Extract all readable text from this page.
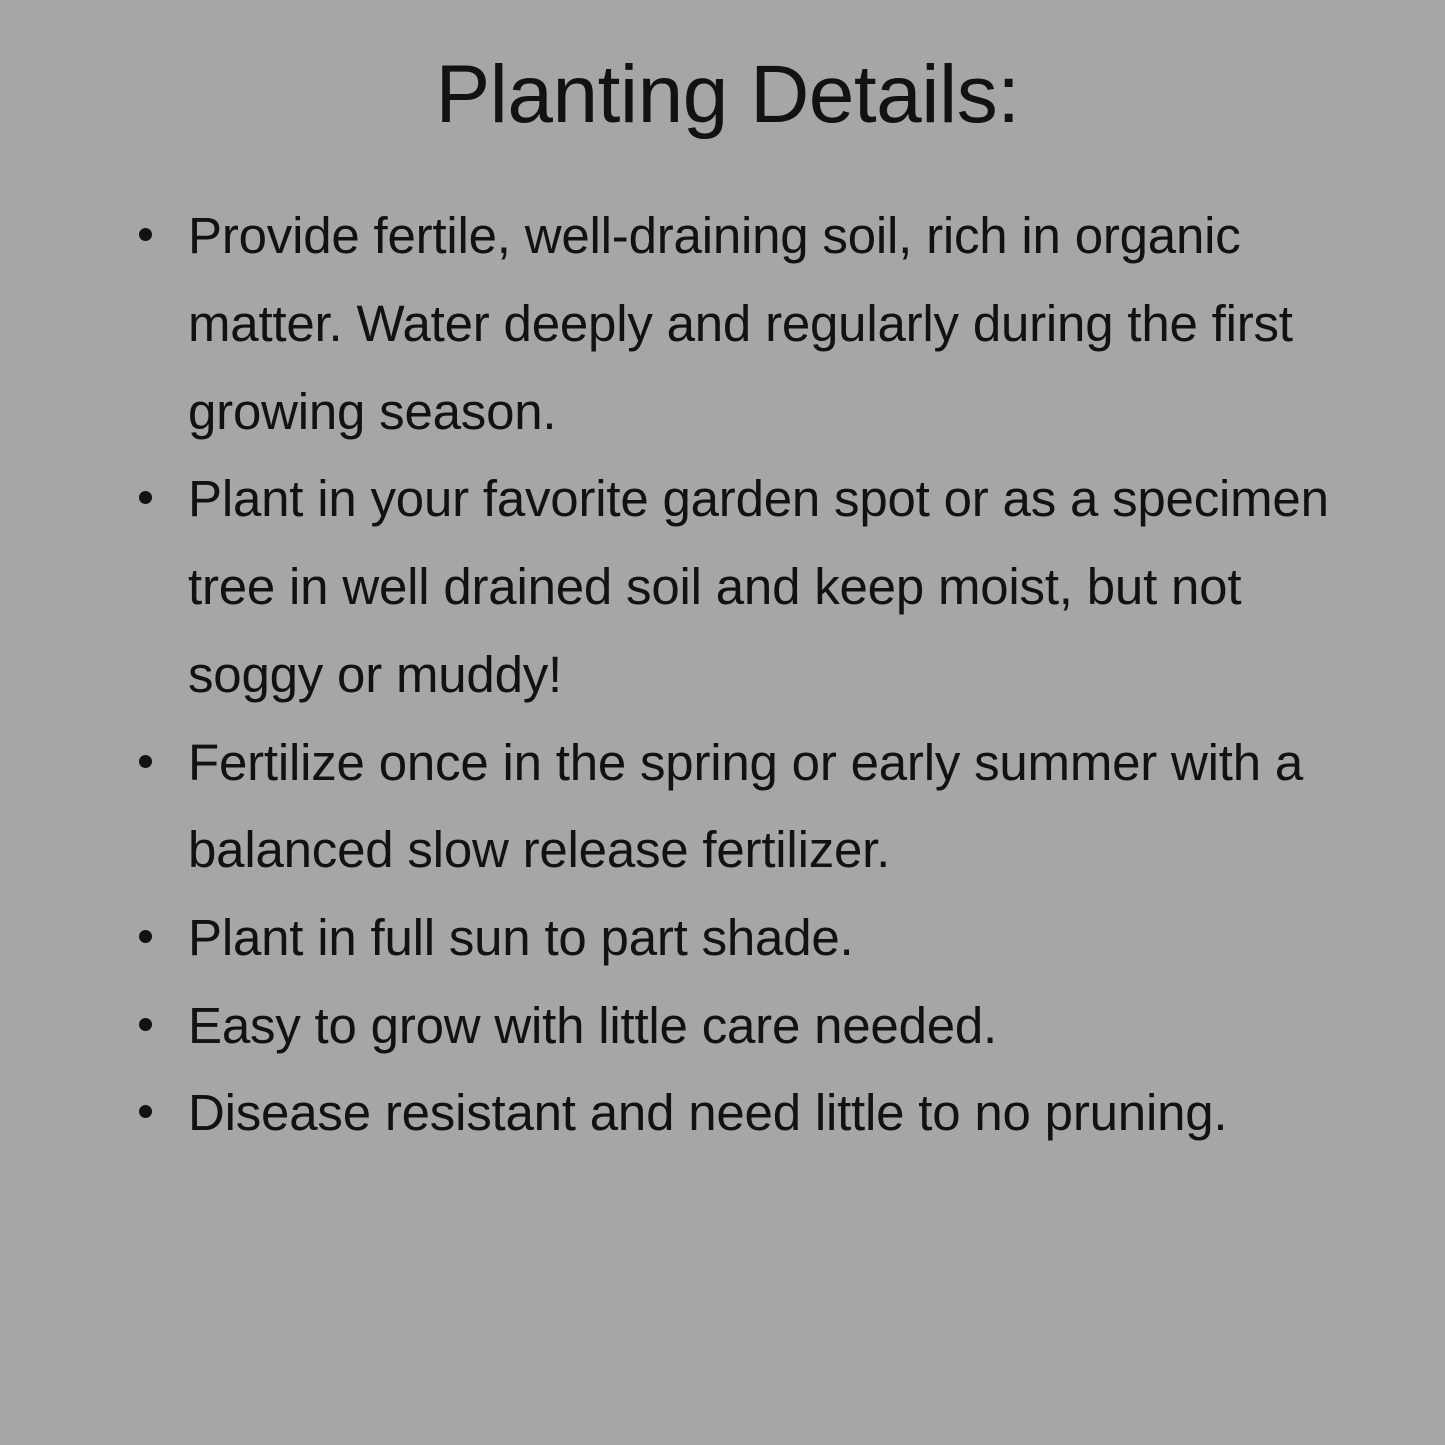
Planting Details:
Provide fertile, well-draining soil, rich in organic matter. Water deeply and regularly during the first growing season.
Plant in your favorite garden spot or as a specimen tree in well drained soil and keep moist, but not soggy or muddy!
Fertilize once in the spring or early summer with a balanced slow release fertilizer.
Plant in full sun to part shade.
Easy to grow with little care needed.
Disease resistant and need little to no pruning.
